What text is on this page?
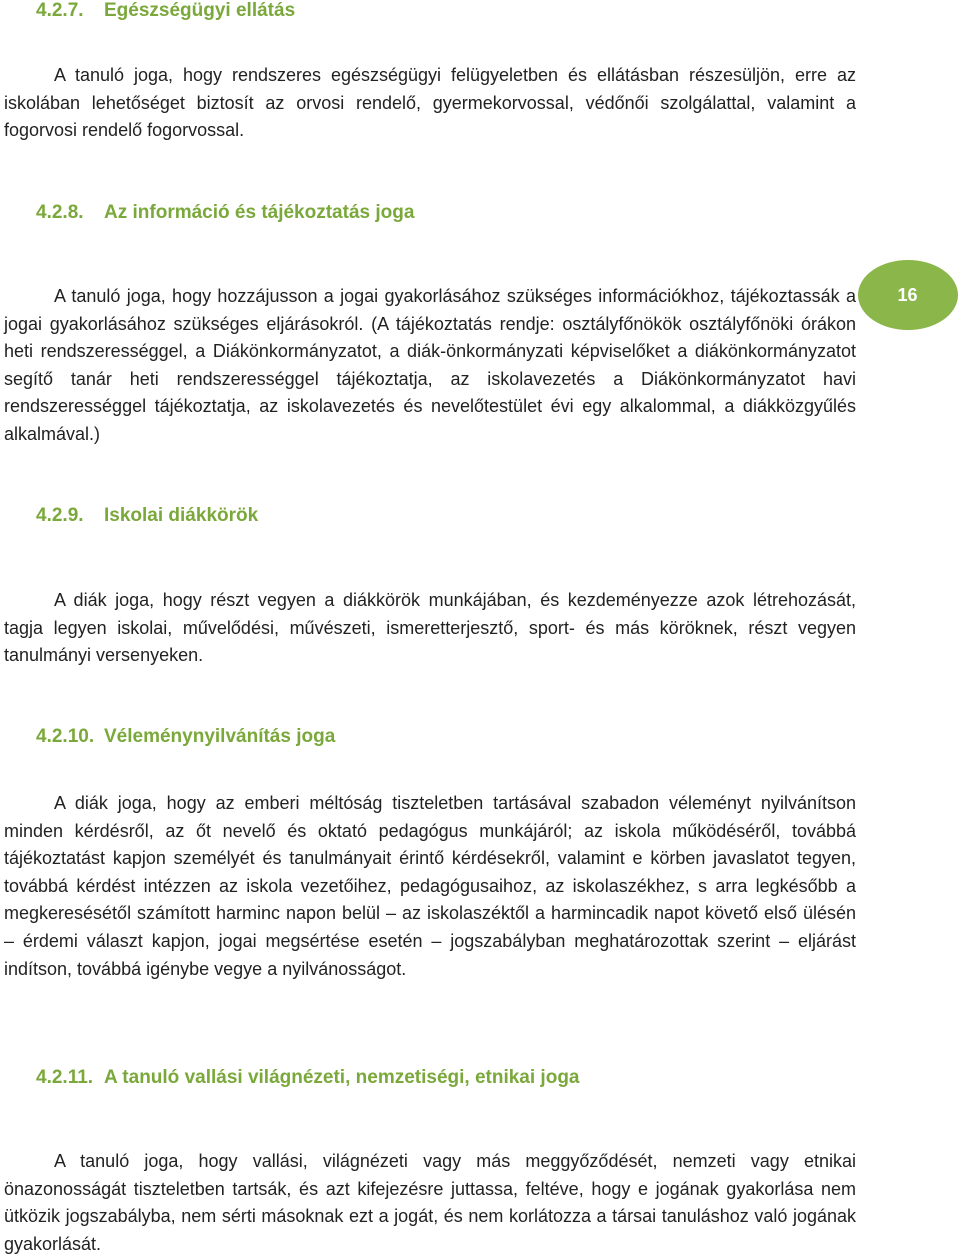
4.2.7. Egészségügyi ellátás
A tanuló joga, hogy rendszeres egészségügyi felügyeletben és ellátásban részesüljön, erre az iskolában lehetőséget biztosít az orvosi rendelő, gyermekorvossal, védőnői szolgálattal, valamint a fogorvosi rendelő fogorvossal.
4.2.8. Az információ és tájékoztatás joga
A tanuló joga, hogy hozzájusson a jogai gyakorlásához szükséges információkhoz, tájékoztassák a jogai gyakorlásához szükséges eljárásokról. (A tájékoztatás rendje: osztályfőnökök osztályfőnöki órákon heti rendszerességgel, a Diákönkormányzatot, a diák-önkormányzati képviselőket a diákönkormányzatot segítő tanár heti rendszerességgel tájékoztatja, az iskolavezetés a Diákönkormányzatot havi rendszerességgel tájékoztatja, az iskolavezetés és nevelőtestület évi egy alkalommal, a diákközgyűlés alkalmával.)
4.2.9. Iskolai diákkörök
A diák joga, hogy részt vegyen a diákkörök munkájában, és kezdeményezze azok létrehozását, tagja legyen iskolai, művelődési, művészeti, ismeretterjesztő, sport- és más köröknek, részt vegyen tanulmányi versenyeken.
4.2.10. Véleménynyilvánítás joga
A diák joga, hogy az emberi méltóság tiszteletben tartásával szabadon véleményt nyilvánítson minden kérdésről, az őt nevelő és oktató pedagógus munkájáról; az iskola működéséről, továbbá tájékoztatást kapjon személyét és tanulmányait érintő kérdésekről, valamint e körben javaslatot tegyen, továbbá kérdést intézzen az iskola vezetőihez, pedagógusaihoz, az iskolaszékhez, s arra legkésőbb a megkeresésétől számított harminc napon belül – az iskolaszéktől a harmincadik napot követő első ülésén – érdemi választ kapjon, jogai megsértése esetén – jogszabályban meghatározottak szerint – eljárást indítson, továbbá igénybe vegye a nyilvánosságot.
4.2.11. A tanuló vallási világnézeti, nemzetiségi, etnikai joga
A tanuló joga, hogy vallási, világnézeti vagy más meggyőződését, nemzeti vagy etnikai önazonosságát tiszteletben tartsák, és azt kifejezésre juttassa, feltéve, hogy e jogának gyakorlása nem ütközik jogszabályba, nem sérti másoknak ezt a jogát, és nem korlátozza a társai tanuláshoz való jogának gyakorlását.
16
